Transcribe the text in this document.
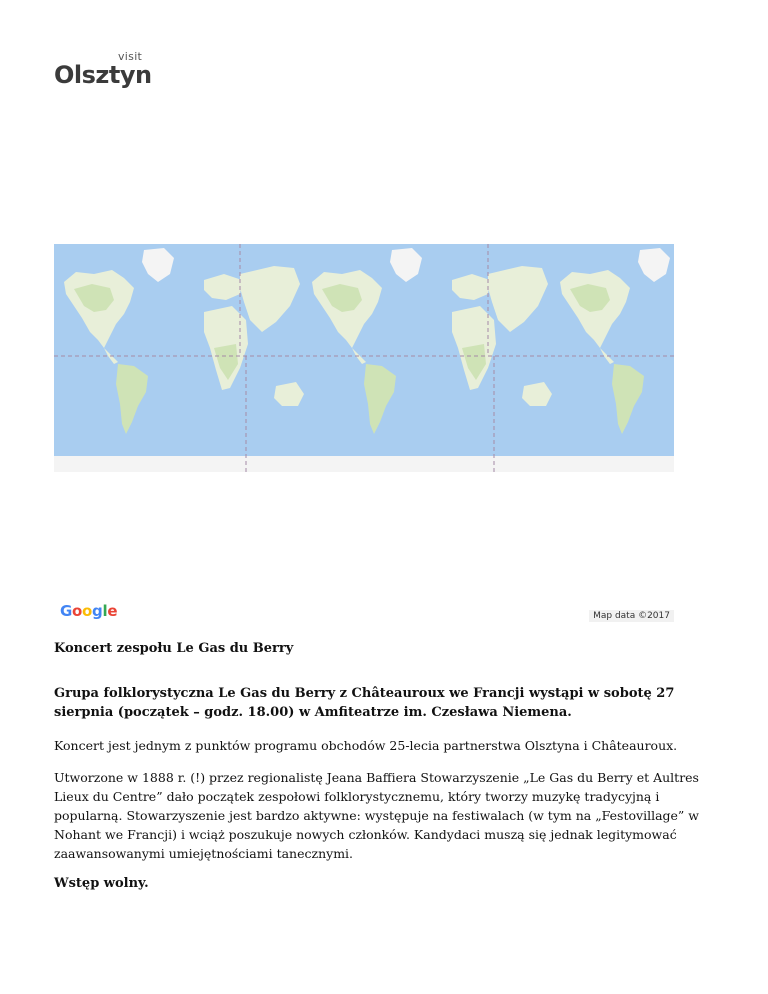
visit
Olsztyn
Google	Map data ©2017

Koncert zespołu Le Gas du Berry

Grupa folklorystyczna Le Gas du Berry z Châteauroux we Francji wystąpi w sobotę 27 sierpnia (początek – godz. 18.00) w Amfiteatrze im. Czesława Niemena.

Koncert jest jednym z punktów programu obchodów 25-lecia partnerstwa Olsztyna i Châteauroux.

Utworzone w 1888 r. (!) przez regionalistę Jeana Baffiera Stowarzyszenie „Le Gas du Berry et Aultres Lieux du Centre” dało początek zespołowi folklorystycznemu, który tworzy muzykę tradycyjną i popularną. Stowarzyszenie jest bardzo aktywne: występuje na festiwalach (w tym na „Festovillage” w Nohant we Francji) i wciąż poszukuje nowych członków. Kandydaci muszą się jednak legitymować zaawansowanymi umiejętnościami tanecznymi.

Wstęp wolny.
